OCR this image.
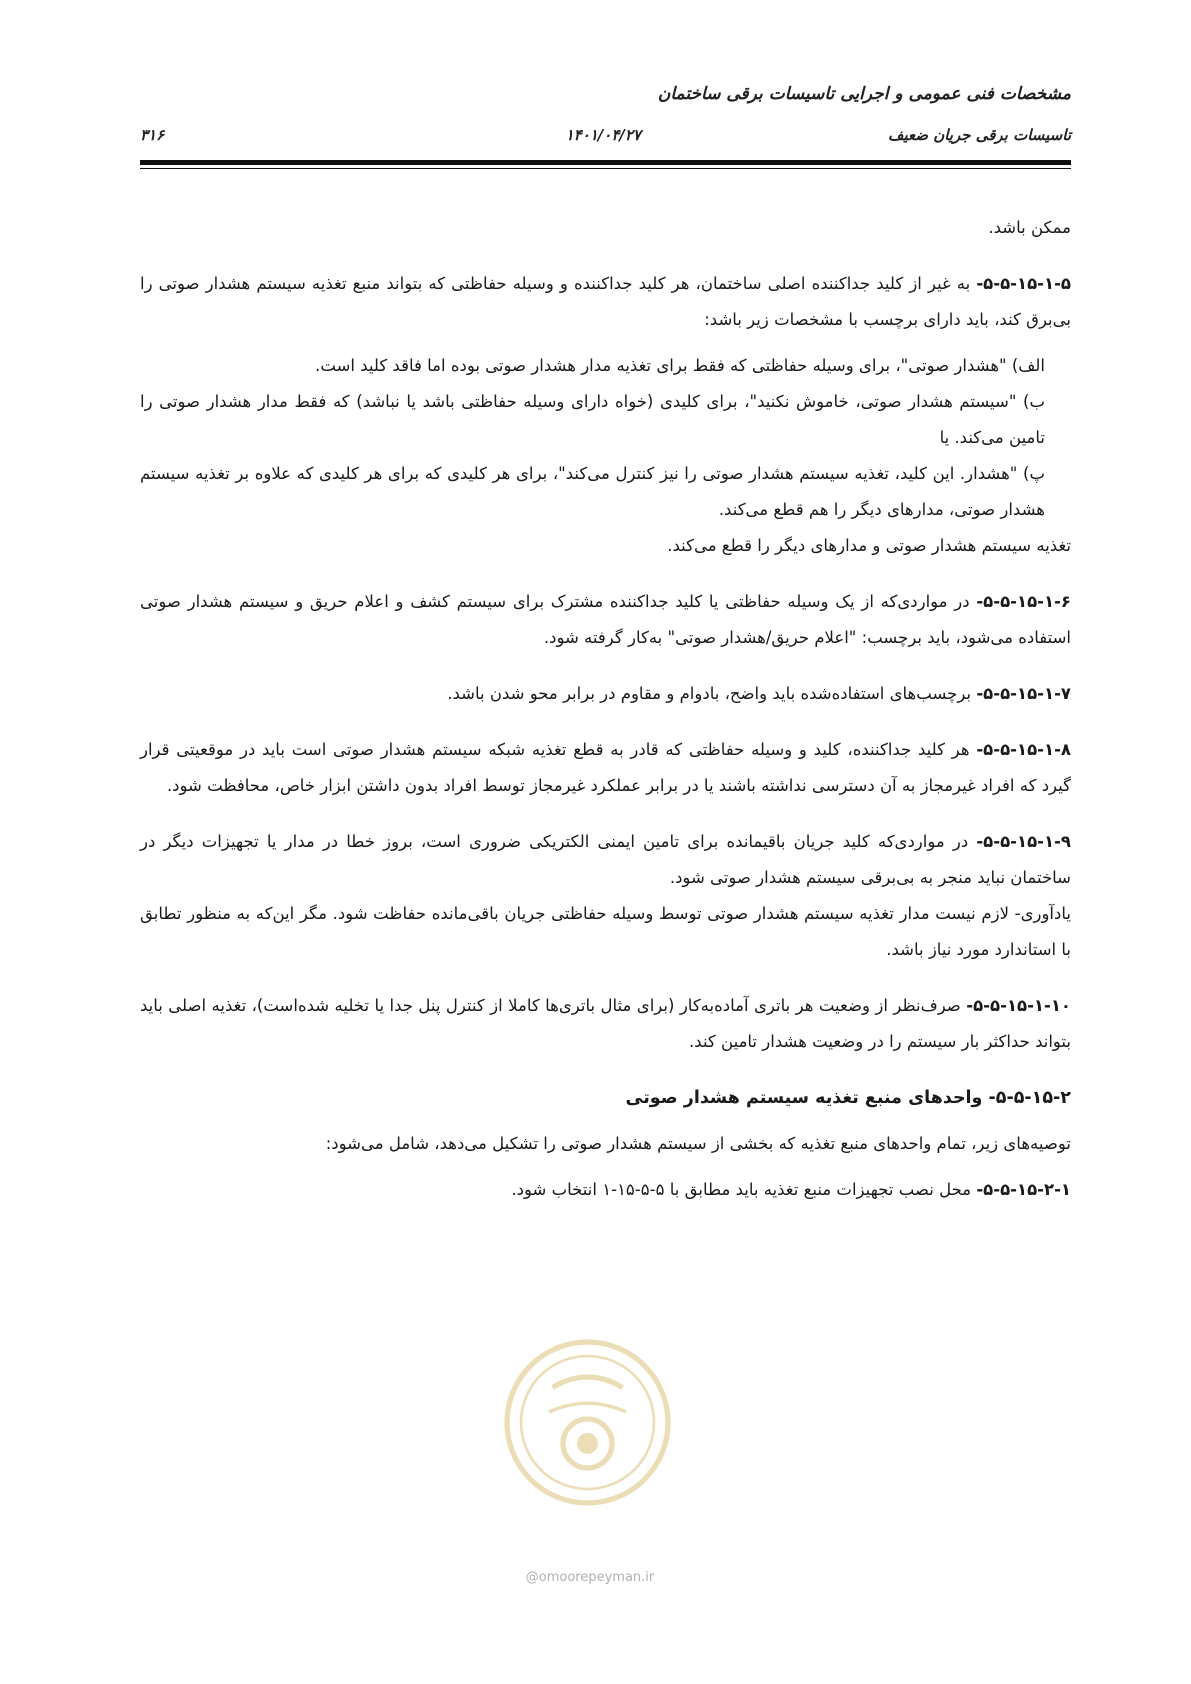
مشخصات فنی عمومی و اجرایی تاسیسات برقی ساختمان
تاسیسات برقی جریان ضعیف
۱۴۰۱/۰۴/۲۷
۳۱۶

ممکن باشد.

۵-۵-۱۵-۱-۵- به غیر از کلید جداکننده اصلی ساختمان، هر کلید جداکننده و وسیله حفاظتی که بتواند منبع تغذیه سیستم هشدار صوتی را بی‌برق کند، باید دارای برچسب با مشخصات زیر باشد:

الف) "هشدار صوتی"، برای وسیله حفاظتی که فقط برای تغذیه مدار هشدار صوتی بوده اما فاقد کلید است.

ب) "سیستم هشدار صوتی، خاموش نکنید"، برای کلیدی (خواه دارای وسیله حفاظتی باشد یا نباشد) که فقط مدار هشدار صوتی را تامین می‌کند. یا

پ) "هشدار. این کلید، تغذیه سیستم هشدار صوتی را نیز کنترل می‌کند"، برای هر کلیدی که برای هر کلیدی که علاوه بر تغذیه سیستم هشدار صوتی، مدارهای دیگر را هم قطع می‌کند.

تغذیه سیستم هشدار صوتی و مدارهای دیگر را قطع می‌کند.

۵-۵-۱۵-۱-۶- در مواردی‌که از یک وسیله حفاظتی یا کلید جداکننده مشترک برای سیستم کشف و اعلام حریق و سیستم هشدار صوتی استفاده می‌شود، باید برچسب: "اعلام حریق/هشدار صوتی" به‌کار گرفته شود.

۵-۵-۱۵-۱-۷- برچسب‌های استفاده‌شده باید واضح، بادوام و مقاوم در برابر محو شدن باشد.

۵-۵-۱۵-۱-۸- هر کلید جداکننده، کلید و وسیله حفاظتی که قادر به قطع تغذیه شبکه سیستم هشدار صوتی است باید در موقعیتی قرار گیرد که افراد غیرمجاز به آن دسترسی نداشته باشند یا در برابر عملکرد غیرمجاز توسط افراد بدون داشتن ابزار خاص، محافظت شود.

۵-۵-۱۵-۱-۹- در مواردی‌که کلید جریان باقیمانده برای تامین ایمنی الکتریکی ضروری است، بروز خطا در مدار یا تجهیزات دیگر در ساختمان نباید منجر به بی‌برقی سیستم هشدار صوتی شود.

یادآوری- لازم نیست مدار تغذیه سیستم هشدار صوتی توسط وسیله حفاظتی جریان باقی‌مانده حفاظت شود. مگر این‌که به منظور تطابق با استاندارد مورد نیاز باشد.

۵-۵-۱۵-۱-۱۰- صرف‌نظر از وضعیت هر باتری آماده‌به‌کار (برای مثال باتری‌ها کاملا از کنترل پنل جدا یا تخلیه شده‌است)، تغذیه اصلی باید بتواند حداکثر بار سیستم را در وضعیت هشدار تامین کند.

۵-۵-۱۵-۲- واحدهای منبع تغذیه سیستم هشدار صوتی

توصیه‌های زیر، تمام واحدهای منبع تغذیه که بخشی از سیستم هشدار صوتی را تشکیل می‌دهد، شامل می‌شود:

۵-۵-۱۵-۲-۱- محل نصب تجهیزات منبع تغذیه باید مطابق با ۵-۵-۱۵-۱ انتخاب شود.

@omoorepeyman.ir
